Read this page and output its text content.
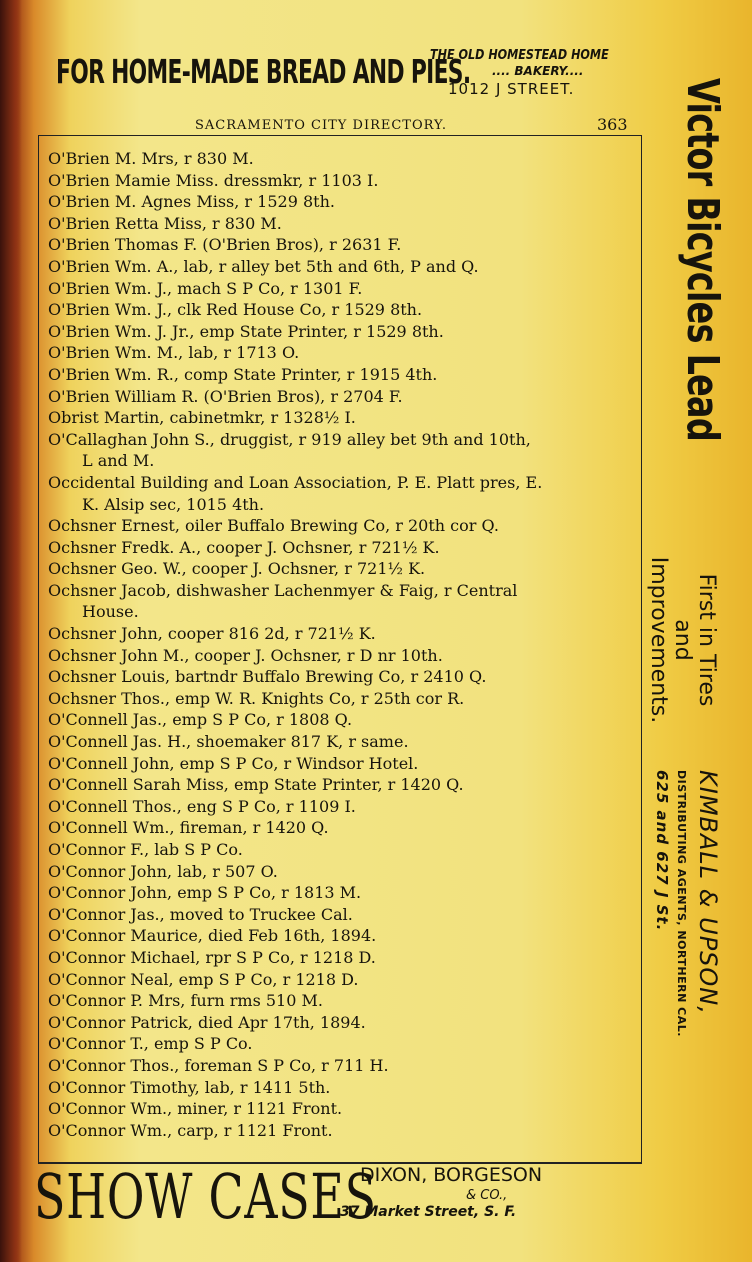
FOR HOME-MADE BREAD AND PIES.
THE OLD HOMESTEAD HOME
.... BAKERY....
1012 J STREET.
SACRAMENTO CITY DIRECTORY.	363
O'Brien M. Mrs, r 830 M.
O'Brien Mamie Miss. dressmkr, r 1103 I.
O'Brien M. Agnes Miss, r 1529 8th.
O'Brien Retta Miss, r 830 M.
O'Brien Thomas F. (O'Brien Bros), r 2631 F.
O'Brien Wm. A., lab, r alley bet 5th and 6th, P and Q.
O'Brien Wm. J., mach S P Co, r 1301 F.
O'Brien Wm. J., clk Red House Co, r 1529 8th.
O'Brien Wm. J. Jr., emp State Printer, r 1529 8th.
O'Brien Wm. M., lab, r 1713 O.
O'Brien Wm. R., comp State Printer, r 1915 4th.
O'Brien William R. (O'Brien Bros), r 2704 F.
Obrist Martin, cabinetmkr, r 1328½ I.
O'Callaghan John S., druggist, r 919 alley bet 9th and 10th,
L and M.
Occidental Building and Loan Association, P. E. Platt pres, E.
K. Alsip sec, 1015 4th.
Ochsner Ernest, oiler Buffalo Brewing Co, r 20th cor Q.
Ochsner Fredk. A., cooper J. Ochsner, r 721½ K.
Ochsner Geo. W., cooper J. Ochsner, r 721½ K.
Ochsner Jacob, dishwasher Lachenmyer & Faig, r Central
House.
Ochsner John, cooper 816 2d, r 721½ K.
Ochsner John M., cooper J. Ochsner, r D nr 10th.
Ochsner Louis, bartndr Buffalo Brewing Co, r 2410 Q.
Ochsner Thos., emp W. R. Knights Co, r 25th cor R.
O'Connell Jas., emp S P Co, r 1808 Q.
O'Connell Jas. H., shoemaker 817 K, r same.
O'Connell John, emp S P Co, r Windsor Hotel.
O'Connell Sarah Miss, emp State Printer, r 1420 Q.
O'Connell Thos., eng S P Co, r 1109 I.
O'Connell Wm., fireman, r 1420 Q.
O'Connor F., lab S P Co.
O'Connor John, lab, r 507 O.
O'Connor John, emp S P Co, r 1813 M.
O'Connor Jas., moved to Truckee Cal.
O'Connor Maurice, died Feb 16th, 1894.
O'Connor Michael, rpr S P Co, r 1218 D.
O'Connor Neal, emp S P Co, r 1218 D.
O'Connor P. Mrs, furn rms 510 M.
O'Connor Patrick, died Apr 17th, 1894.
O'Connor T., emp S P Co.
O'Connor Thos., foreman S P Co, r 711 H.
O'Connor Timothy, lab, r 1411 5th.
O'Connor Wm., miner, r 1121 Front.
O'Connor Wm., carp, r 1121 Front.
Victor Bicycles Lead
First in Tires
and
Improvements.
KIMBALL & UPSON,
DISTRIBUTING AGENTS, NORTHERN CAL.
625 and 627 J St.
SHOW CASES
DIXON, BORGESON
& CO.,
37 Market Street, S. F.
